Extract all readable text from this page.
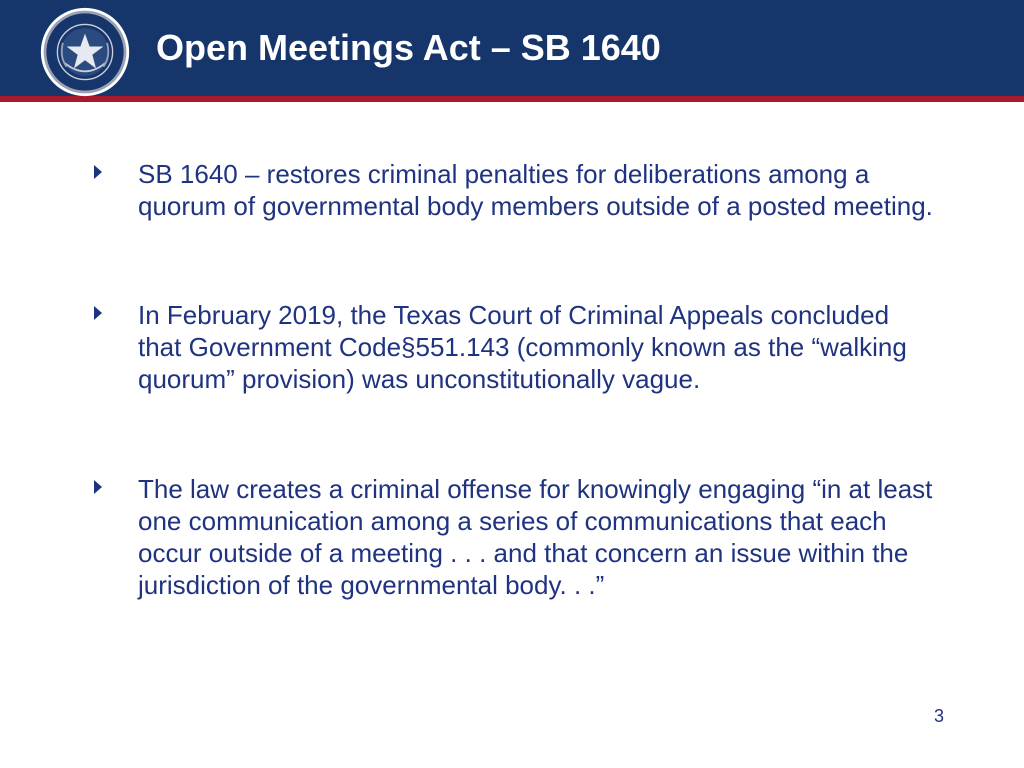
Open Meetings Act – SB 1640
SB 1640 – restores criminal penalties for deliberations among a quorum of governmental body members outside of a posted meeting.
In February 2019, the Texas Court of Criminal Appeals concluded that Government Code§551.143 (commonly known as the “walking quorum” provision) was unconstitutionally vague.
The law creates a criminal offense for knowingly engaging “in at least one communication among a series of communications that each occur outside of a meeting . . . and that concern an issue within the jurisdiction of the governmental body. . .”
3
